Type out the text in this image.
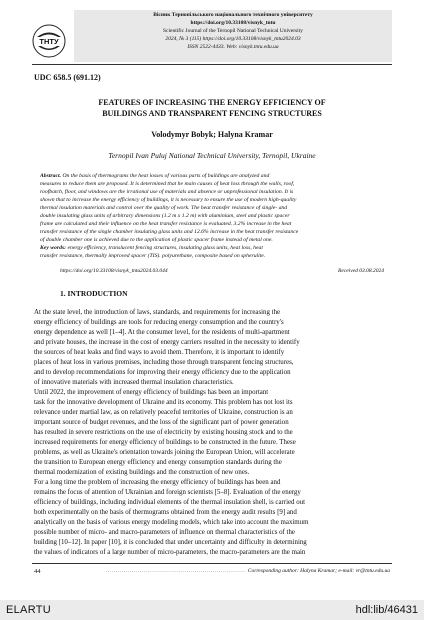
ТНТУ
Вісник Тернопільського національного технічного університету
https://doi.org/10.33108/visnyk_tntu
Scientific Journal of the Ternopil National Technical University
2024, № 3 (115) https://doi.org/10.33108/visnyk_tntu2024.03
ISSN 2522-4433. Web: visnyk.tntu.edu.ua
UDC 658.5 (691.12)
FEATURES OF INCREASING THE ENERGY EFFICIENCY OF
BUILDINGS AND TRANSPARENT FENCING STRUCTURES
Volodymyr Bobyk; Halyna Kramar
Ternopil Ivan Puluj National Technical University, Ternopil, Ukraine
Abstract. On the basis of thermograms the heat losses of various parts of buildings are analyzed and
measures to reduce them are proposed. It is determined that he main causes of heat loss through the walls, roof,
roofbatch, floor, and windows are the irrational use of materials and absence or unprofessional insulation. It is
shown that to increase the energy efficiency of buildings, it is necessary to ensure the use of modern high-quality
thermal insulation materials and control over the quality of work. The heat transfer resistance of single- and
double insulating glass units of arbitrary dimensions (1.2 m x 1.2 m) with aluminium, steel and plastic spacer
frame are calculated and their influence on the heat transfer resistance is evaluated. 3.2% increase in the heat
transfer resistance of the single chamber insulating glass units and 12.6% increase in the heat transfer resistance
of double chamber one is achieved due to the application of plastic spacer frame instead of metal one.
Key words: energy efficiency, translucent fencing structures, insulating glass units, heat loss, heat
transfer resistance, thermally improved spacer (TIS). polyurethane, composite based on spherulite.
https://doi.org/10.33108/visnyk_tntu2024.03.044	Received 03.08.2024
1. INTRODUCTION
At the state level, the introduction of laws, standards, and requirements for increasing the
energy efficiency of buildings are tools for reducing energy consumption and the country's
energy dependence as well [1–4]. At the consumer level, for the residents of multi-apartment
and private houses, the increase in the cost of energy carriers resulted in the necessity to identify
the sources of heat leaks and find ways to avoid them. Therefore, it is important to identify
places of heat loss in various premises, including those through transparent fencing structures,
and to develop recommendations for improving their energy efficiency due to the application
of innovative materials with increased thermal insulation characteristics.
Until 2022, the improvement of energy efficiency of buildings has been an important
task for the innovative development of Ukraine and its economy. This problem has not lost its
relevance under martial law, as on relatively peaceful territories of Ukraine, construction is an
important source of budget revenues, and the loss of the significant part of power generation
has resulted in severe restrictions on the use of electricity by existing housing stock and to the
increased requirements for energy efficiency of buildings to be constructed in the future. These
problems, as well as Ukraine's orientation towards joining the European Union, will accelerate
the transition to European energy efficiency and energy consumption standards during the
thermal modernization of existing buildings and the construction of new ones.
For a long time the problem of increasing the energy efficiency of buildings has been and
remains the focus of attention of Ukrainian and foreign scientists [5–8]. Evaluation of the energy
efficiency of buildings, including individual elements of the thermal insulation shell, is carried out
both experimentally on the basis of thermograms obtained from the energy audit results [9] and
analytically on the basis of various energy modeling models, which take into account the maximum
possible number of micro- and macro-parameters of influence on thermal characteristics of the
building [10–12]. In paper [10], it is concluded that under uncertainty and difficulty in determining
the values of indicators of a large number of micro-parameters, the macro-parameters are the main
44	....................................................................... Corresponding author: Halyna Kramar; e-mail: vr@tntu.edu.ua
ELARTU	hdl:lib/46431
